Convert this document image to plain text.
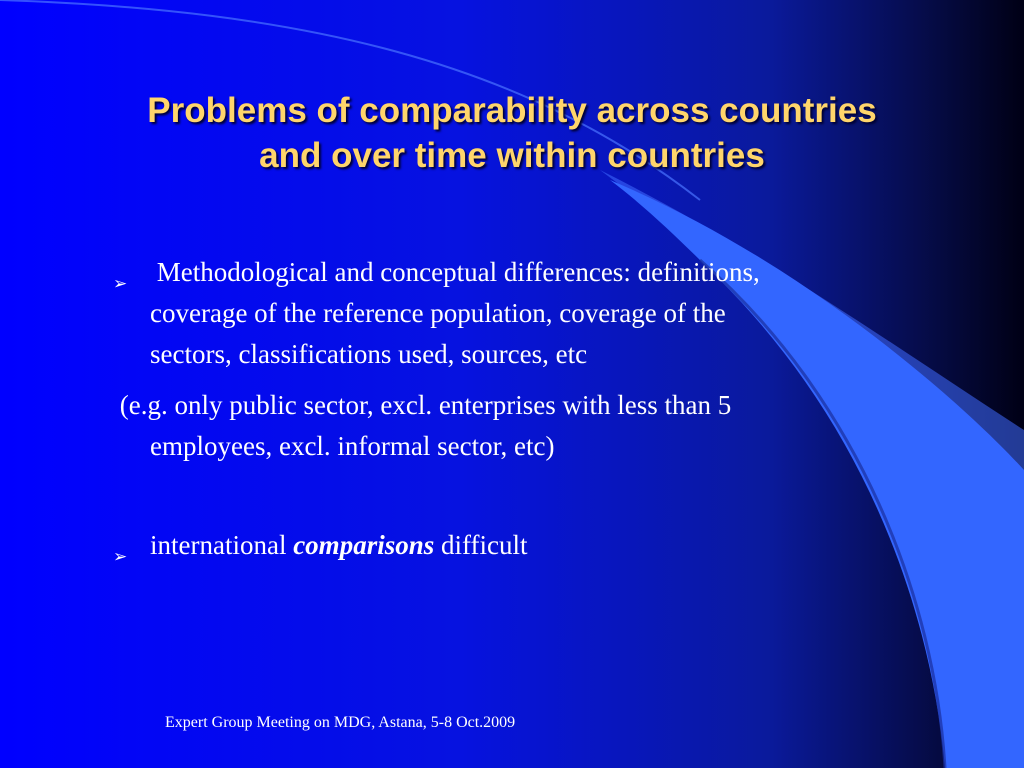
Problems of comparability across countries
and over time within countries
➢ Methodological and conceptual differences: definitions,
coverage of the reference population, coverage of the
sectors, classifications used, sources, etc
(e.g. only public sector, excl. enterprises with less than 5
employees, excl. informal sector, etc)
➢ international comparisons difficult
Expert Group Meeting on MDG, Astana, 5-8 Oct.2009
